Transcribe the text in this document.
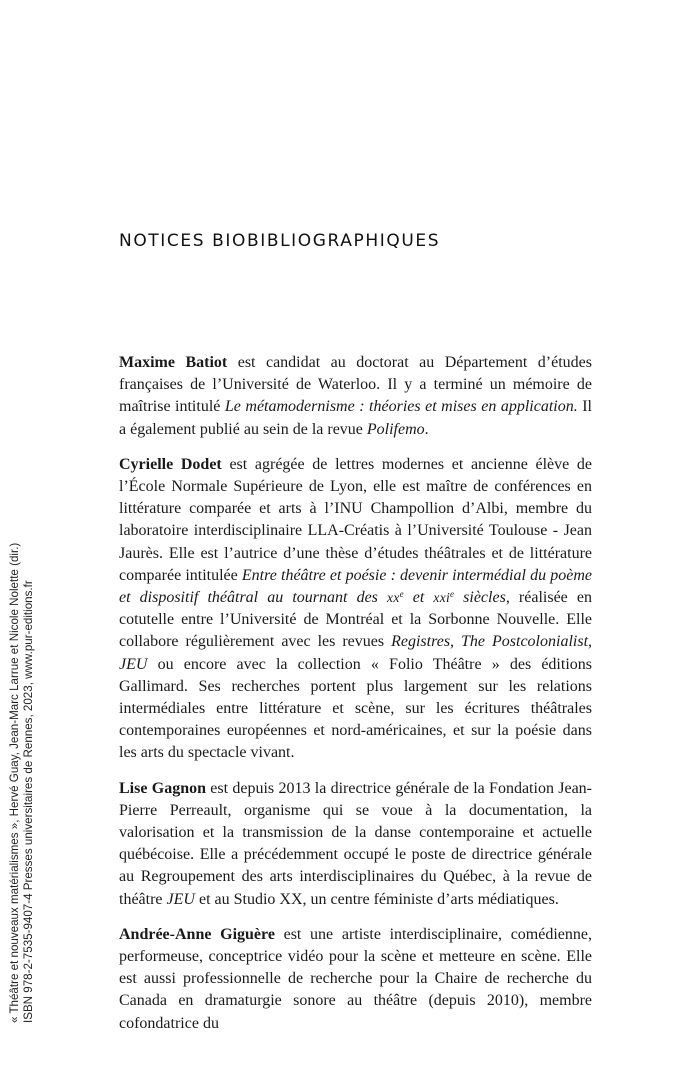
NOTICES BIOBIBLIOGRAPHIQUES

Maxime Batiot est candidat au doctorat au Département d’études françaises de l’Université de Waterloo. Il y a terminé un mémoire de maîtrise intitulé Le métamodernisme : théories et mises en application. Il a également publié au sein de la revue Polifemo.

Cyrielle Dodet est agrégée de lettres modernes et ancienne élève de l’École Normale Supérieure de Lyon, elle est maître de conférences en littérature comparée et arts à l’INU Champollion d’Albi, membre du laboratoire interdisciplinaire LLA-Créatis à l’Université Toulouse - Jean Jaurès. Elle est l’autrice d’une thèse d’études théâtrales et de littérature comparée intitulée Entre théâtre et poésie : devenir intermédial du poème et dispositif théâtral au tournant des $xx^e$ et xxi$^e$ siècles, réalisée en cotutelle entre l’Université de Montréal et la Sorbonne Nouvelle. Elle collabore régulièrement avec les revues Registres, The Postcolonialist, JEU ou encore avec la collection « Folio Théâtre » des éditions Gallimard. Ses recherches portent plus largement sur les relations intermédiales entre littérature et scène, sur les écritures théâtrales contemporaines européennes et nord-américaines, et sur la poésie dans les arts du spectacle vivant.

Lise Gagnon est depuis 2013 la directrice générale de la Fondation Jean-Pierre Perreault, organisme qui se voue à la documentation, la valorisation et la transmission de la danse contemporaine et actuelle québécoise. Elle a précédemment occupé le poste de directrice générale au Regroupement des arts interdisciplinaires du Québec, à la revue de théâtre JEU et au Studio XX, un centre féministe d’arts médiatiques.

Andrée-Anne Giguère est une artiste interdisciplinaire, comédienne, performeuse, conceptrice vidéo pour la scène et metteure en scène. Elle est aussi professionnelle de recherche pour la Chaire de recherche du Canada en dramaturgie sonore au théâtre (depuis 2010), membre cofondatrice du

« Théâtre et nouveaux matérialismes », Hervé Guay, Jean-Marc Larrue et Nicole Nolette (dir.) ISBN 978-2-7535-9407-4 Presses universitaires de Rennes, 2023, www.pur-editions.fr
